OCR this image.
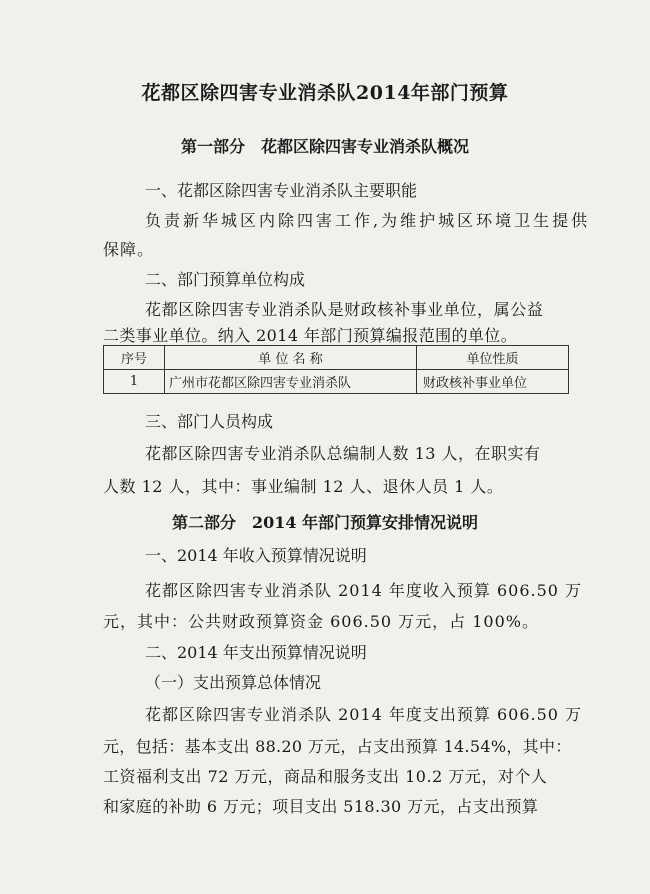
花都区除四害专业消杀队2014年部门预算
第一部分　花都区除四害专业消杀队概况
一、花都区除四害专业消杀队主要职能
负责新华城区内除四害工作,为维护城区环境卫生提供
保障。
二、部门预算单位构成
花都区除四害专业消杀队是财政核补事业单位，属公益
二类事业单位。纳入 2014 年部门预算编报范围的单位。
序号	单 位 名 称	单位性质
1	广州市花都区除四害专业消杀队	财政核补事业单位
三、部门人员构成
花都区除四害专业消杀队总编制人数 13 人，在职实有
人数 12 人，其中：事业编制 12 人、退休人员 1 人。
第二部分　2014 年部门预算安排情况说明
一、2014 年收入预算情况说明
花都区除四害专业消杀队 2014 年度收入预算 606.50 万
元，其中：公共财政预算资金 606.50 万元，占 100%。
二、2014 年支出预算情况说明
（一）支出预算总体情况
花都区除四害专业消杀队 2014 年度支出预算 606.50 万
元，包括：基本支出 88.20 万元，占支出预算 14.54%，其中：
工资福利支出 72 万元，商品和服务支出 10.2 万元，对个人
和家庭的补助 6 万元；项目支出 518.30 万元，占支出预算
